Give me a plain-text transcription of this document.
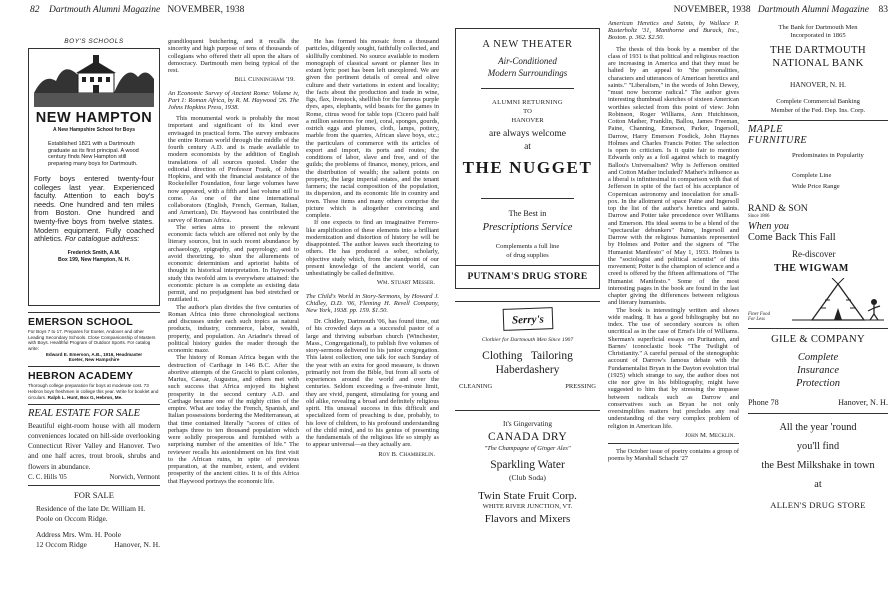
82 Dartmouth Alumni Magazine NOVEMBER, 1938
BOY'S SCHOOLS
NEW HAMPTON
A New Hampshire School for Boys
Established 1821 with a Dartmouth graduate as its first principal. A wood century finds New Hampton still preparing many boys for Dartmouth.
Forty boys entered twenty-four colleges last year. Experienced faculty. Attention to each boy's needs. One hundred and ten miles from Boston. One hundred and twenty-five boys from twelve states. Modern equipment. Fully coached athletics. For catalogue address:
Frederick Smith, A.M.
Box 199, New Hampton, N. H.
EMERSON SCHOOL
For Boys 7 to 17. Prepares for Exeter, Andover and other Leading Secondary Schools. Close Companionship of Masters with Boys. Healthful Program of Outdoor Sports. For catalog write:
Edward E. Emerson, A.B., 1916, Headmaster
Exeter, New Hampshire
HEBRON ACADEMY
Thorough college preparation for boys at moderate cost. 73 Hebron boys freshmen in college this year. Write for booklet and circulars. Ralph L. Hunt, Box G, Hebron, Me.
REAL ESTATE FOR SALE
Beautiful eight-room house with all modern conveniences located on hill-side overlooking Connecticut River Valley and Hanover. Two and one half acres, trout brook, shrubs and flowers in abundance.
C. C. Hills '05	Norwich, Vermont
FOR SALE
Residence of the late Dr. William H. Poole on Occom Ridge.
Address Mrs. Wm. H. Poole
12 Occom Ridge	Hanover, N. H.

grandiloquent butchering, and it recalls the sincerity and high purpose of tens of thousands of collegians who offered their all upon the altars of democracy. Dartmouth men being typical of the rest.

Bill Cunningham '19.
An Economic Survey of Ancient Rome: Volume iv, Part 1: Roman Africa, by R. M. Haywood '26. The Johns Hopkins Press, 1938.

This monumental work is probably the most important and significant of its kind ever envisaged in practical form. The survey embraces the entire Roman world through the middle of the fourth century A.D. and is made available to modern economists by the addition of English translations of all sources quoted. Under the editorial direction of Professor Frank, of Johns Hopkins, and with the financial assistance of the Rockefeller Foundation, four large volumes have now appeared, with a fifth and last volume still to come. As one of the nine international collaborators (English, French, German, Italian, and American), Dr. Haywood has contributed the survey of Roman Africa.

The series aims to present the relevant economic facts which are offered not only by the literary sources, but in such recent abundance by archaeology, epigraphy, and papyrology; and to avoid theorizing, to shun the allurements of economic determinism and apriorist habits of thought in historical interpretation. In Haywood's study this twofold aim is everywhere attained: the economic picture is as complete as existing data permit, and no prejudgment has bed stretched or mutilated it.

The author's plan divides the five centuries of Roman Africa into three chronological sections and discusses under each such topics as natural products, industry, commerce, labor, wealth, property, and population. An Ariadne's thread of political history guides the reader through the economic maze.

The history of Roman Africa began with the destruction of Carthage in 146 B.C. After the abortive attempts of the Gracchi to plant colonies, Marius, Caesar, Augustus, and others met with such success that Africa enjoyed its highest prosperity in the second century A.D. and Carthage became one of the mighty cities of the empire. What are today the French, Spanish, and Italian possessions bordering the Mediterranean, at that time contained literally "scores of cities of perhaps three to ten thousand population which were solidly prosperous and furnished with a surprising number of the amenities of life." The reviewer recalls his astonishment on his first visit to the African ruins, in spite of previous preparation, at the number, extent, and evident prosperity of the ancient cities. It is of this Africa that Haywood portrays the economic life.

He has formed his mosaic from a thousand particles, diligently sought, faithfully collected, and skillfully combined. No source available to modern monograph of classical savant or planner lies in extant lyric poet has been left unexplored. We are given the pertinent details of cereal and olive culture and their variations in extent and locality; the facts about the production and trade in wine, figs, flax, livestock, shellfish for the famous purple dyes, apes, elephants, wild beasts for the games in Rome, citrus wood for table tops (Cicero paid half a million sesterces for one), coral, sponges, gourds, ostrich eggs and plumes, cloth, lamps, pottery, marble from the quarries, African slave boys, etc.; the particulars of commerce with its articles of export and import, its ports and routes; the conditions of labor, slave and free, and of the guilds; the problems of finance, money, prices, and the distribution of wealth; the salient points on property, the large imperial estates, and the tenant farmers; the racial composition of the population, its dispersion, and its economic life in country and town. These items and many others comprise the picture which is altogether convincing and complete.

If one expects to find an imaginative Ferrero-like amplification of these elements into a brilliant modernization and distortion of history he will be disappointed. The author leaves such theorizing to others. He has produced a sober, scholarly, objective study which, from the standpoint of our present knowledge of the ancient world, can unhesitatingly be called definitive.

Wm. Stuart Messer.
The Child's World in Story-Sermons, by Howard J. Chidley, D.D. '06, Fleming H. Revell Company, New York, 1938. pp. 159. $1.50.

Dr. Chidley, Dartmouth '06, has found time, out of his crowded days as a successful pastor of a large and thriving suburban church (Winchester, Mass., Congregational), to publish five volumes of story-sermons delivered to his junior congregation. This latest collection, one talk for each Sunday of the year with an extra for good measure, is drawn primarily not from the Bible, but from all sorts of experiences around the world and over the centuries. Seldom exceeding a five-minute limit, they are vivid, pungent, stimulating for young and old alike, revealing a broad and definitely religious spirit. His unusual success in this difficult and specialized form of preaching is due, probably, to his love of children, to his profound understanding of the child mind, and to his genius of presenting the fundamentals of the religious life so simply as to appear universal—as they actually are.

Roy B. Chamberlin.
NOVEMBER, 1938 Dartmouth Alumni Magazine 83
A NEW THEATER
Air-Conditioned
Modern Surroundings
ALUMNI RETURNING
TO
HANOVER
are always welcome
at
THE NUGGET
The Best in
Prescriptions Service
Complements a full line
of drug supplies
PUTNAM'S DRUG STORE
Serry's
Clothier for Dartmouth Men Since 1907
Clothing   Tailoring
Haberdashery
CLEANING	PRESSING
It's Gingervating
CANADA DRY
"The Champagne of Ginger Ales"
Sparkling Water
(Club Soda)
Twin State Fruit Corp.
WHITE RIVER JUNCTION, VT.
Flavors and Mixers
American Heretics and Saints, by Wallace P. Rusterholtz '31, Manthorne and Burack, Inc., Boston. p. 362. $2.50.

The thesis of this book by a member of the class of 1931 is that political and religious reaction are increasing in America and that they must be halted by an appeal to "the personalities, characters and utterances of American heretics and saints." "Liberalism," in the words of John Dewey, "must now become radical." The author gives interesting thumbnail sketches of sixteen American worthies selected from this point of view: John Robinson, Roger Williams, Ann Hutchinson, Cotton Mather, Franklin, Ballou, James Freeman, Paine, Channing, Emerson, Parker, Ingersoll, Darrow, Harry Emerson Fosdick, John Haynes Holmes and Charles Francis Potter. The selection is open to criticism. Is it quite fair to mention Edwards only as a foil against which to magnify Ballou's Universalism? Why is Jefferson omitted and Cotton Mather included? Mather's influence as a liberal is infinitesimal in comparison with that of Jefferson in spite of the fact of his acceptance of Copernican astronomy and inoculation for small-pox. In the allotment of space Paine and Ingersoll top the list of the author's heretics and saints. Darrow and Potter take precedence over Williams and Emerson. His ideal seems to be a blend of the "spectacular debunkers" Paine, Ingersoll and Darrow with the religious humanists represented by Holmes and Potter and the signers of "The Humanist Manifesto" of May 1, 1933. Holmes is the "sociologist and political scientist" of this movement; Potter is the champion of science and a creed is offered by the fifteen affirmations of "The Humanist Manifesto." Some of the most interesting pages in the book are found in the last chapter giving the differences between religious and literary humanists.

The book is interestingly written and shows wide reading. It has a good bibliography but no index. The use of secondary sources is often uncritical as in the case of Ernst's life of Williams. Sherman's superficial essays on Puritanism, and Barnes' iconoclastic book "The Twilight of Christianity." A careful perusal of the stenographic account of Darrow's famous debate with the Fundamentalist Bryan in the Dayton evolution trial (1925) which strange to say, the author does not cite nor give in his bibliography, might have suggested to him that by stressing the impasse between radicals such as Darrow and conservatives such as Bryan he not only oversimplifies matters but precludes any real understanding of the very complex problem of religion in American life.

John M. Mecklin.

The October issue of poetry contains a group of poems by Marshall Schacht '27

The Bank for Dartmouth Men
Incorporated in 1865
THE DARTMOUTH
NATIONAL BANK
HANOVER, N. H.
Complete Commercial Banking
Member of the Fed. Dep. Ins. Corp.
MAPLE
FURNITURE
Predominates in Popularity
Complete Line
Wide Price Range
RAND & SON
Since 1866
When you
Come Back This Fall
Re-discover
THE WIGWAM
Finer Food
For Less
GILE & COMPANY
Complete
Insurance
Protection
Phone 78	Hanover, N. H.
All the year 'round
you'll find
the Best Milkshake in town
at
ALLEN'S DRUG STORE
